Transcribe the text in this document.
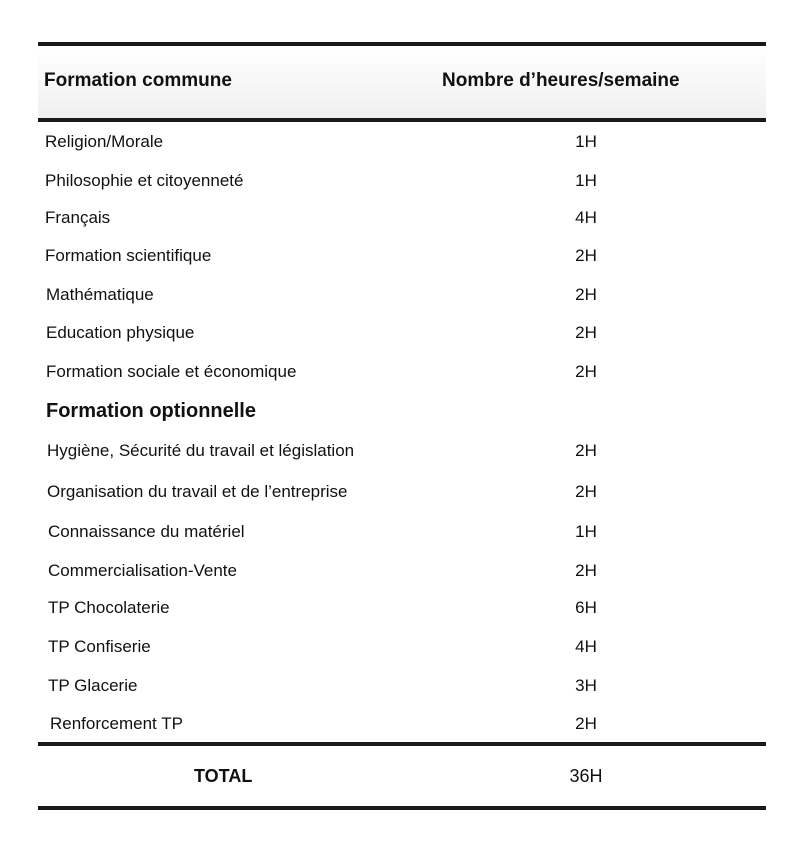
Formation commune	Nombre d’heures/semaine
Religion/Morale	1H
Philosophie et citoyenneté	1H
Français	4H
Formation scientifique	2H
Mathématique	2H
Education physique	2H
Formation sociale et économique	2H
Formation optionnelle
Hygiène, Sécurité du travail et législation	2H
Organisation du travail et de l’entreprise	2H
Connaissance du matériel	1H
Commercialisation-Vente	2H
TP Chocolaterie	6H
TP Confiserie	4H
TP Glacerie	3H
Renforcement TP	2H
TOTAL	36H
